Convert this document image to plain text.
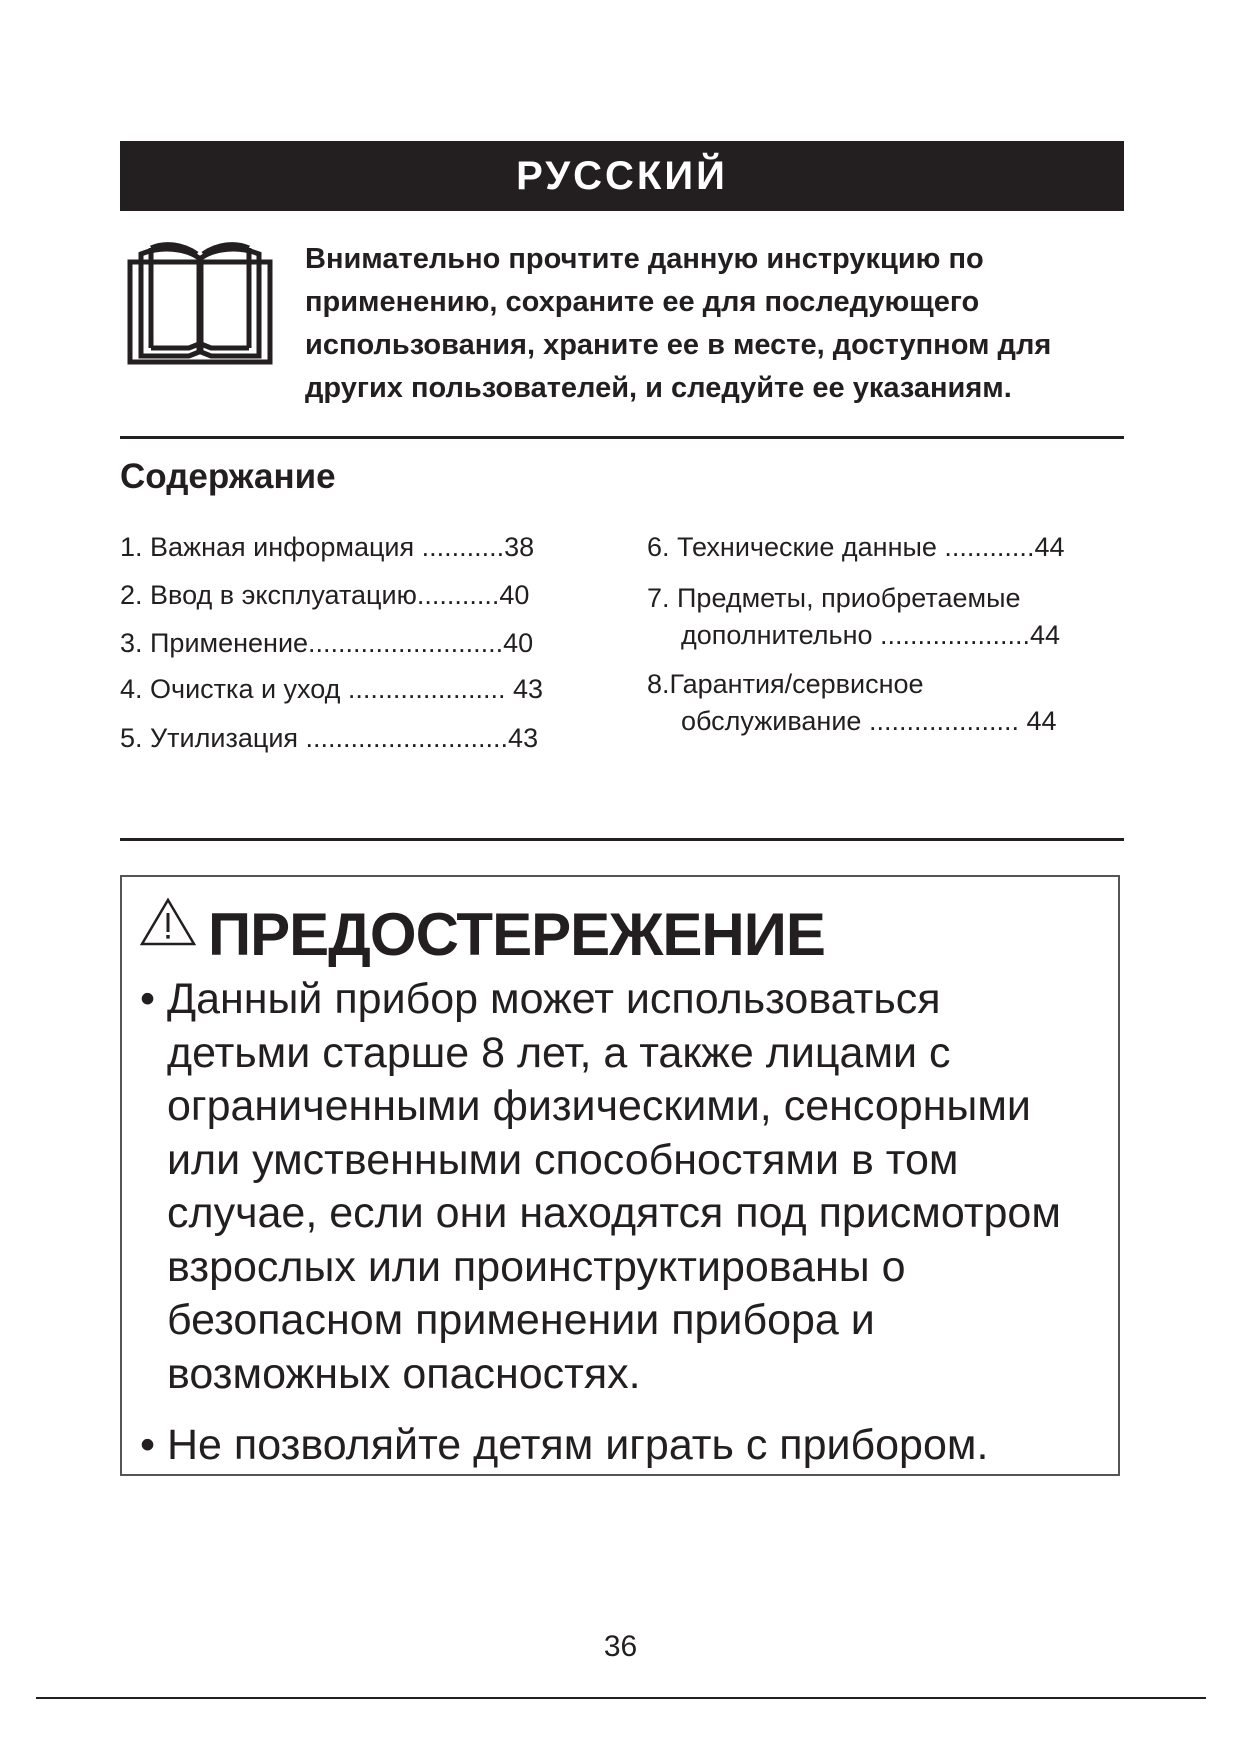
РУССКИЙ

Внимательно прочтите данную инструкцию по применению, сохраните ее для последующего использования, храните ее в месте, доступном для других пользователей, и следуйте ее указаниям.

Содержание
1. Важная информация ...........38
2. Ввод в эксплуатацию...........40
3. Применение..........................40
4. Очистка и уход ..................... 43
5. Утилизация ...........................43
6. Технические данные ............44
7. Предметы, приобретаемые
дополнительно ....................44
8.Гарантия/сервисное
обслуживание .................... 44
ПРЕДОСТЕРЕЖЕНИЕ

• Данный прибор может использоваться детьми старше 8 лет, а также лицами с ограниченными физическими, сенсорными или умственными способностями в том случае, если они находятся под присмотром взрослых или проинструктированы о безопасном применении прибора и возможных опасностях.

• Не позволяйте детям играть с прибором.

36
